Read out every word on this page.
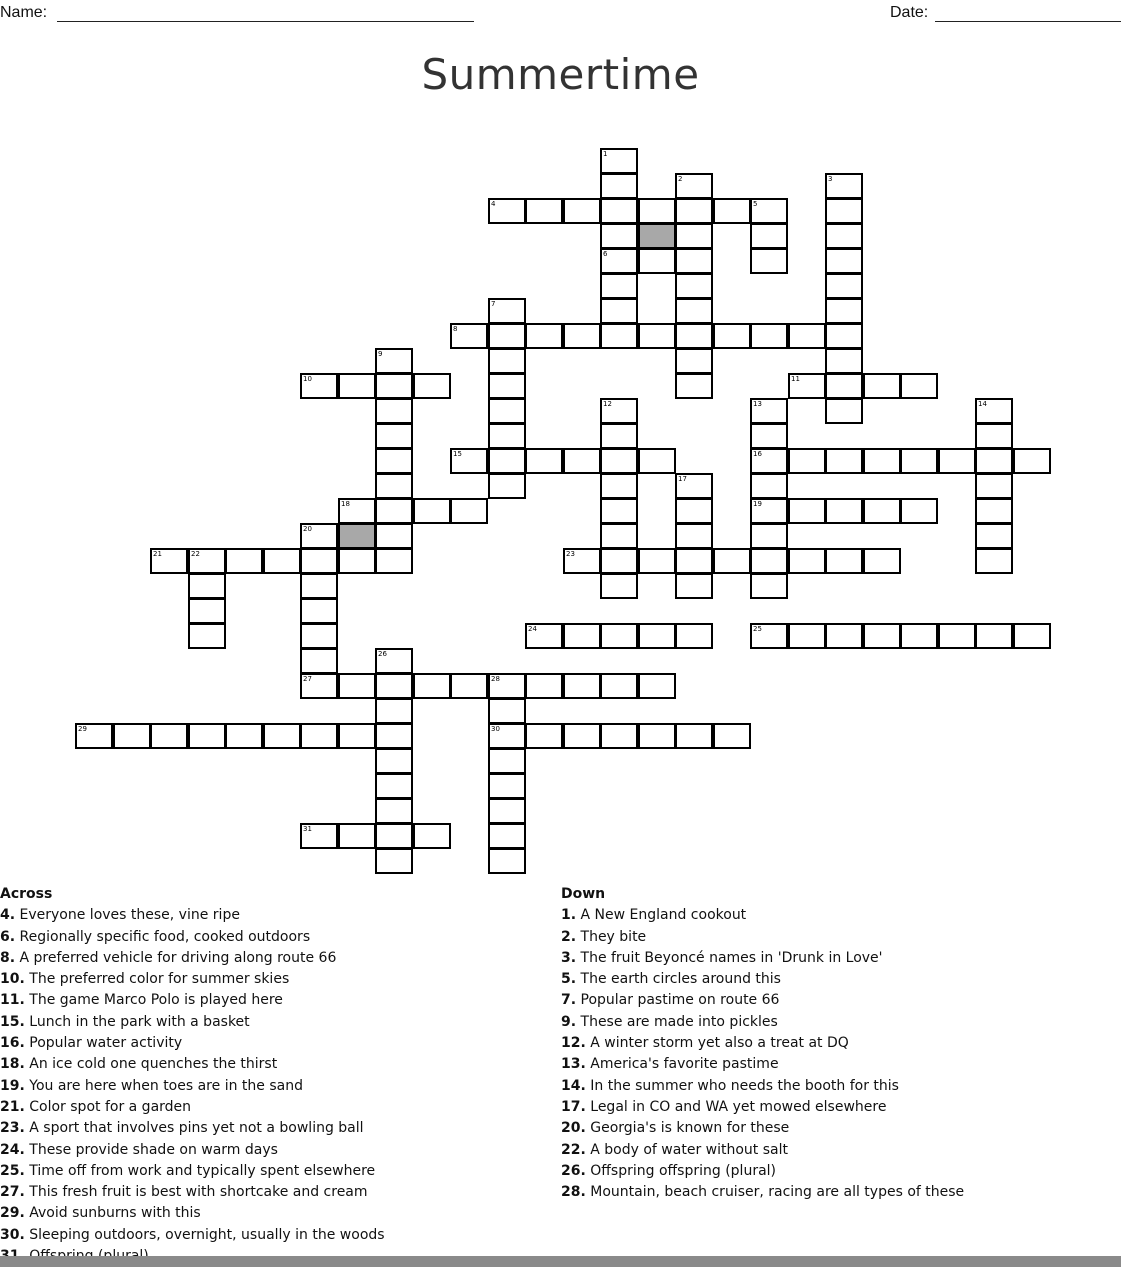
Name:	Date:
Summertime
1
2	3
4	5
6
7
8
9
10	11
12	13	14
15	16
17
18	19
20
21	22	23
24	25
26
27	28
29	30
31
Across
4. Everyone loves these, vine ripe
6. Regionally specific food, cooked outdoors
8. A preferred vehicle for driving along route 66
10. The preferred color for summer skies
11. The game Marco Polo is played here
15. Lunch in the park with a basket
16. Popular water activity
18. An ice cold one quenches the thirst
19. You are here when toes are in the sand
21. Color spot for a garden
23. A sport that involves pins yet not a bowling ball
24. These provide shade on warm days
25. Time off from work and typically spent elsewhere
27. This fresh fruit is best with shortcake and cream
29. Avoid sunburns with this
30. Sleeping outdoors, overnight, usually in the woods
Down
1. A New England cookout
2. They bite
3. The fruit Beyoncé names in 'Drunk in Love'
5. The earth circles around this
7. Popular pastime on route 66
9. These are made into pickles
12. A winter storm yet also a treat at DQ
13. America's favorite pastime
14. In the summer who needs the booth for this
17. Legal in CO and WA yet mowed elsewhere
20. Georgia's is known for these
22. A body of water without salt
26. Offspring offspring (plural)
28. Mountain, beach cruiser, racing are all types of these
